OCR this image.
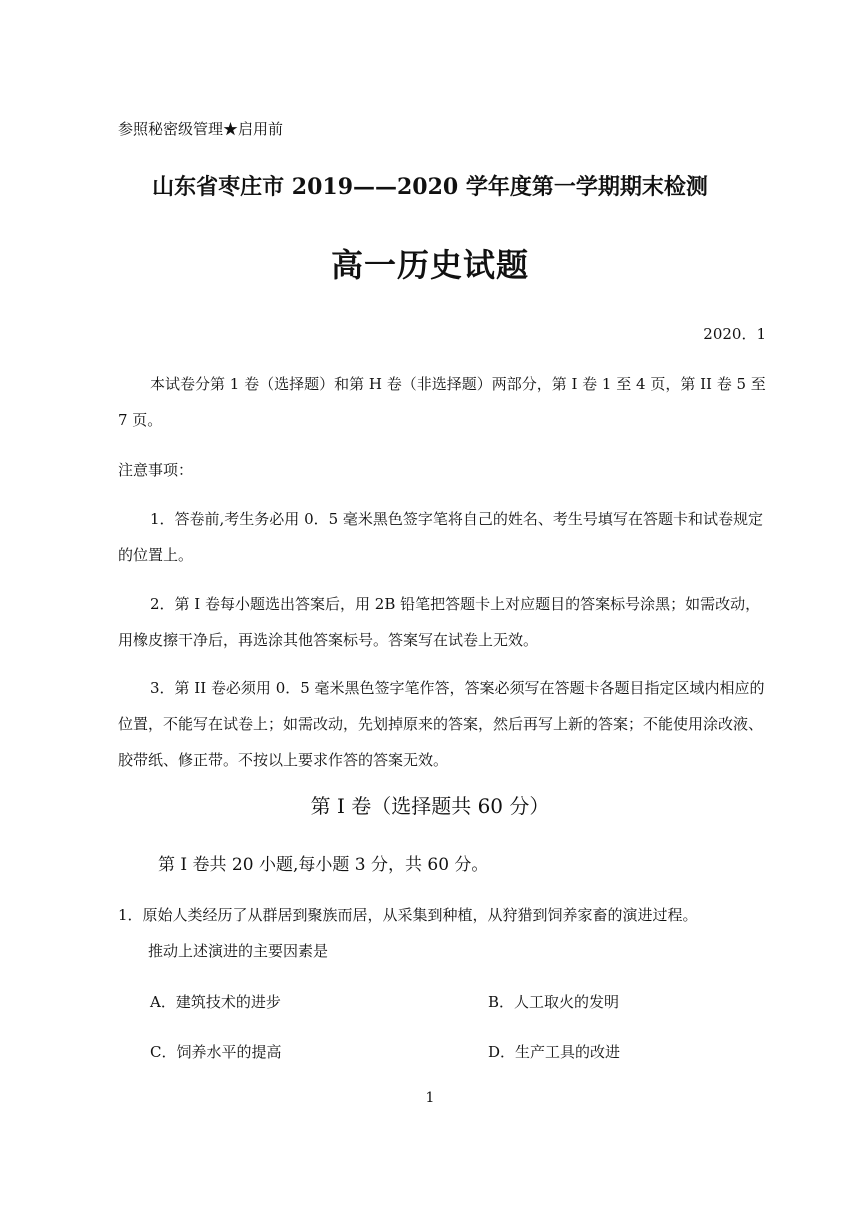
参照秘密级管理★启用前
山东省枣庄市 2019——2020 学年度第一学期期末检测
高一历史试题
2020．1
本试卷分第 1 卷（选择题）和第 H 卷（非选择题）两部分，第 I 卷 1 至 4 页，第 II 卷 5 至 7 页。
注意事项：
1．答卷前,考生务必用 0．5 毫米黑色签字笔将自己的姓名、考生号填写在答题卡和试卷规定的位置上。
2．第 I 卷每小题选出答案后，用 2B 铅笔把答题卡上对应题目的答案标号涂黑；如需改动，用橡皮擦干净后，再选涂其他答案标号。答案写在试卷上无效。
3．第 II 卷必须用 0．5 毫米黑色签字笔作答，答案必须写在答题卡各题目指定区域内相应的位置，不能写在试卷上；如需改动，先划掉原来的答案，然后再写上新的答案；不能使用涂改液、胶带纸、修正带。不按以上要求作答的答案无效。
第 I 卷（选择题共 60 分）
第 I 卷共 20 小题,每小题 3 分，共 60 分。
1．原始人类经历了从群居到聚族而居，从采集到种植，从狩猎到饲养家畜的演进过程。
推动上述演进的主要因素是
A．建筑技术的进步	B．人工取火的发明
C．饲养水平的提高	D．生产工具的改进
1
